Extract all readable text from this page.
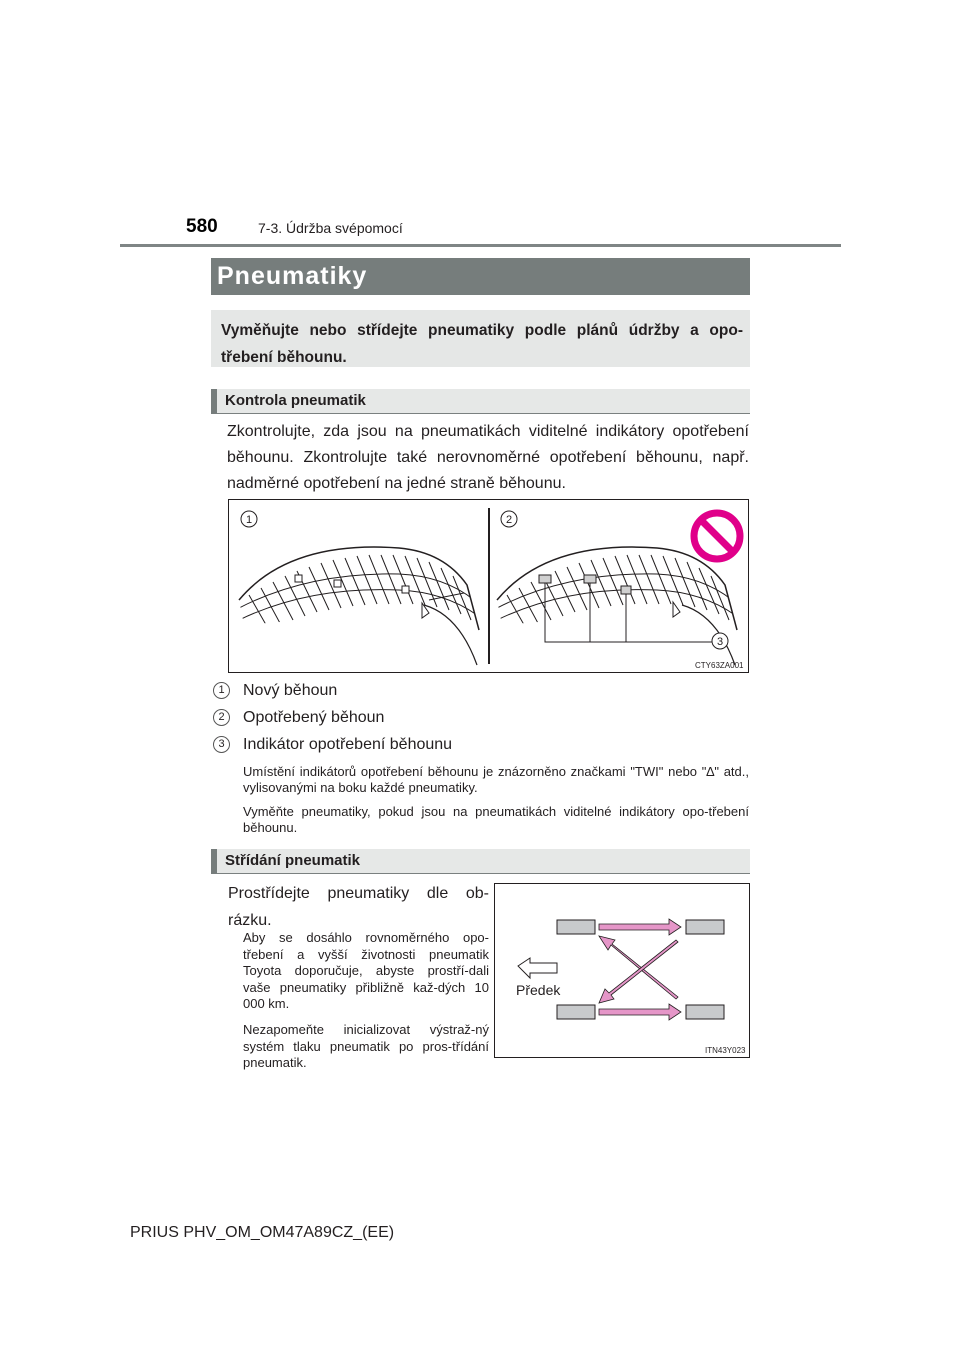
580	7-3. Údržba svépomocí
Pneumatiky
Vyměňujte nebo střídejte pneumatiky podle plánů údržby a opo-třebení běhounu.
Kontrola pneumatik
Zkontrolujte, zda jsou na pneumatikách viditelné indikátory opotřebení běhounu. Zkontrolujte také nerovnoměrné opotřebení běhounu, např. nadměrné opotřebení na jedné straně běhounu.
1	2
3
CTY63ZA001
1 Nový běhoun
2 Opotřebený běhoun
3 Indikátor opotřebení běhounu
Umístění indikátorů opotřebení běhounu je znázorněno značkami "TWI" nebo "∆" atd., vylisovanými na boku každé pneumatiky.
Vyměňte pneumatiky, pokud jsou na pneumatikách viditelné indikátory opo-třebení běhounu.
Střídání pneumatik
Prostřídejte pneumatiky dle ob-rázku.
Aby se dosáhlo rovnoměrného opo-třebení a vyšší životnosti pneumatik Toyota doporučuje, abyste prostří-dali vaše pneumatiky přibližně kaž-dých 10 000 km.
Nezapomeňte inicializovat výstraž-ný systém tlaku pneumatik po pros-třídání pneumatik.
Předek
ITN43Y023
PRIUS PHV_OM_OM47A89CZ_(EE)
